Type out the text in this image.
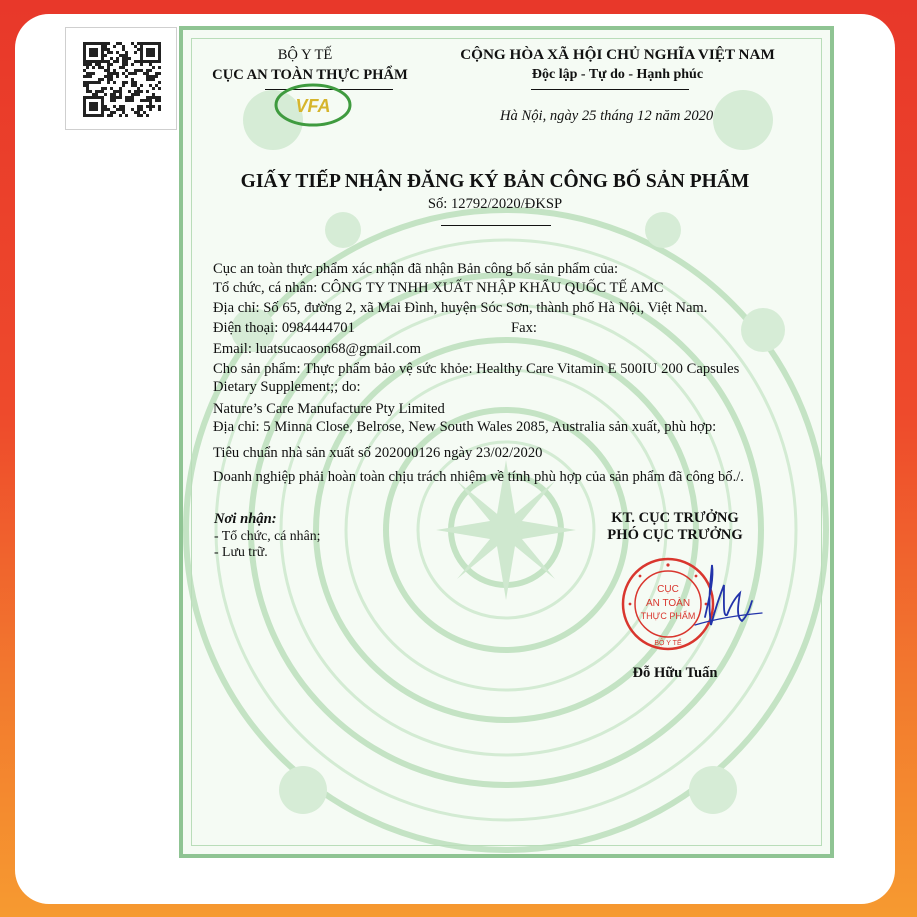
BỘ Y TẾ
CỤC AN TOÀN THỰC PHẨM
VFA
CỘNG HÒA XÃ HỘI CHỦ NGHĨA VIỆT NAM
Độc lập - Tự do - Hạnh phúc
Hà Nội, ngày 25 tháng 12 năm 2020
GIẤY TIẾP NHẬN ĐĂNG KÝ BẢN CÔNG BỐ SẢN PHẨM
Số: 12792/2020/ĐKSP
Cục an toàn thực phẩm xác nhận đã nhận Bản công bố sản phẩm của:
Tổ chức, cá nhân: CÔNG TY TNHH XUẤT NHẬP KHẨU QUỐC TẾ AMC
Địa chỉ: Số 65, đường 2, xã Mai Đình, huyện Sóc Sơn, thành phố Hà Nội, Việt Nam.
Điện thoại: 0984444701	Fax:
Email: luatsucaoson68@gmail.com
Cho sản phẩm: Thực phẩm bảo vệ sức khỏe: Healthy Care Vitamin E 500IU 200 Capsules
Dietary Supplement;; do:
Nature’s Care Manufacture Pty Limited
Địa chỉ: 5 Minna Close, Belrose, New South Wales 2085, Australia sản xuất, phù hợp:
Tiêu chuẩn nhà sản xuất số 202000126 ngày 23/02/2020
Doanh nghiệp phải hoàn toàn chịu trách nhiệm về tính phù hợp của sản phẩm đã công bố./.
Nơi nhận:
- Tổ chức, cá nhân;
- Lưu trữ.
KT. CỤC TRƯỞNG
PHÓ CỤC TRƯỞNG
CỤC
AN TOÀN
THỰC PHẨM
BỘ Y TẾ
Đỗ Hữu Tuấn
